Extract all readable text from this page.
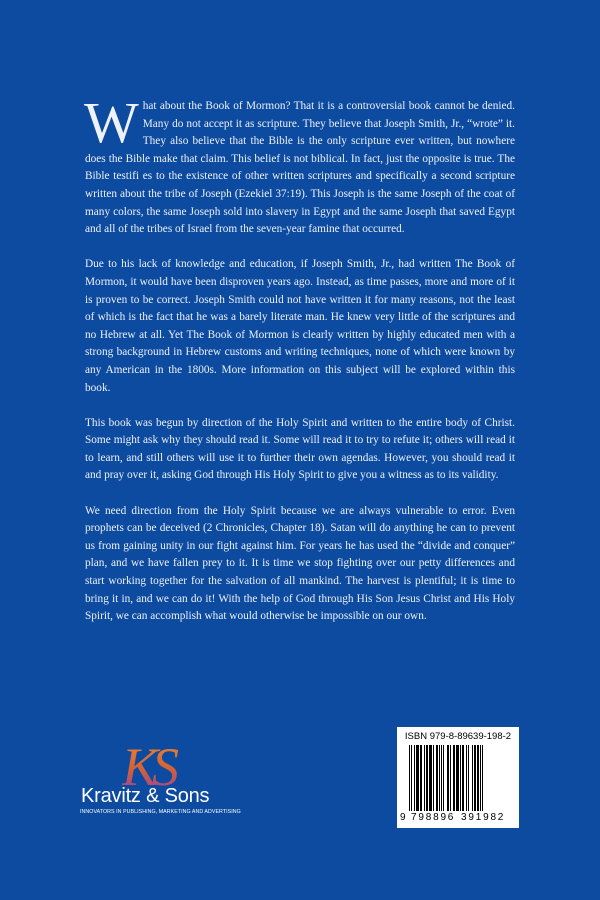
What about the Book of Mormon? That it is a controversial book cannot be denied. Many do not accept it as scripture. They believe that Joseph Smith, Jr., “wrote” it. They also believe that the Bible is the only scripture ever written, but nowhere does the Bible make that claim. This belief is not biblical. In fact, just the opposite is true. The Bible testifi es to the existence of other written scriptures and specifically a second scripture written about the tribe of Joseph (Ezekiel 37:19). This Joseph is the same Joseph of the coat of many colors, the same Joseph sold into slavery in Egypt and the same Joseph that saved Egypt and all of the tribes of Israel from the seven-year famine that occurred.

Due to his lack of knowledge and education, if Joseph Smith, Jr., had written The Book of Mormon, it would have been disproven years ago. Instead, as time passes, more and more of it is proven to be correct. Joseph Smith could not have written it for many reasons, not the least of which is the fact that he was a barely literate man. He knew very little of the scriptures and no Hebrew at all. Yet The Book of Mormon is clearly written by highly educated men with a strong background in Hebrew customs and writing techniques, none of which were known by any American in the 1800s. More information on this subject will be explored within this book.

This book was begun by direction of the Holy Spirit and written to the entire body of Christ. Some might ask why they should read it. Some will read it to try to refute it; others will read it to learn, and still others will use it to further their own agendas. However, you should read it and pray over it, asking God through His Holy Spirit to give you a witness as to its validity.

We need direction from the Holy Spirit because we are always vulnerable to error. Even prophets can be deceived (2 Chronicles, Chapter 18). Satan will do anything he can to prevent us from gaining unity in our fight against him. For years he has used the “divide and conquer” plan, and we have fallen prey to it. It is time we stop fighting over our petty differences and start working together for the salvation of all mankind. The harvest is plentiful; it is time to bring it in, and we can do it! With the help of God through His Son Jesus Christ and His Holy Spirit, we can accomplish what would otherwise be impossible on our own.

KS
Kravitz & Sons
INNOVATORS IN PUBLISHING, MARKETING AND ADVERTISING
ISBN 979-8-89639-198-2
9 798896 391982
